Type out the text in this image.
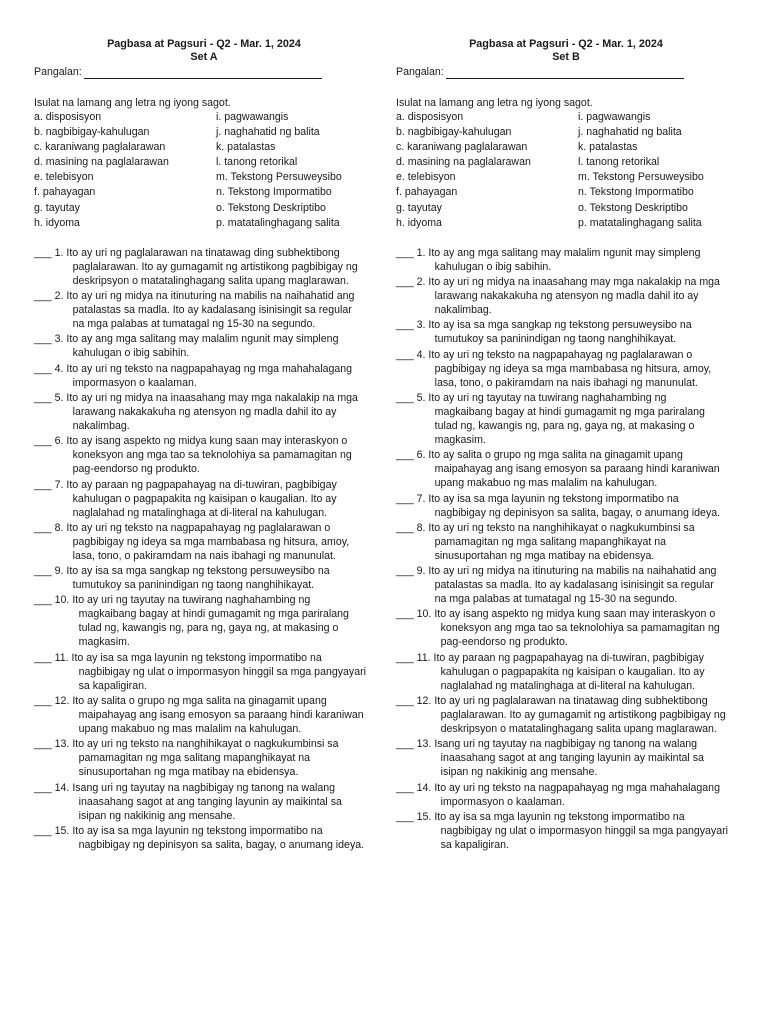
Pagbasa at Pagsuri - Q2 - Mar. 1, 2024
Set A
Pangalan:
Isulat na lamang ang letra ng iyong sagot.
a. disposisyon	i. pagwawangis
b. nagbibigay-kahulugan	j. naghahatid ng balita
c. karaniwang paglalarawan	k. patalastas
d. masining na paglalarawan	l. tanong retorikal
e. telebisyon	m. Tekstong Persuweysibo
f. pahayagan	n. Tekstong Impormatibo
g. tayutay	o. Tekstong Deskriptibo
h. idyoma	p. matatalinghagang salita
___ 1. Ito ay uri ng paglalarawan na tinatawag ding subhektibong
paglalarawan. Ito ay gumagamit ng artistikong pagbibigay ng
deskripsyon o matatalinghagang salita upang maglarawan.
___ 2. Ito ay uri ng midya na itinuturing na mabilis na naihahatid ang
patalastas sa madla. Ito ay kadalasang isinisingit sa regular
na mga palabas at tumatagal ng 15-30 na segundo.
___ 3. Ito ay ang mga salitang may malalim ngunit may simpleng
kahulugan o ibig sabihin.
___ 4. Ito ay uri ng teksto na nagpapahayag ng mga mahahalagang
impormasyon o kaalaman.
___ 5. Ito ay uri ng midya na inaasahang may mga nakalakip na mga
larawang nakakakuha ng atensyon ng madla dahil ito ay
nakalimbag.
___ 6. Ito ay isang aspekto ng midya kung saan may interaskyon o
koneksyon ang mga tao sa teknolohiya sa pamamagitan ng
pag-eendorso ng produkto.
___ 7. Ito ay paraan ng pagpapahayag na di-tuwiran, pagbibigay
kahulugan o pagpapakita ng kaisipan o kaugalian. Ito ay
naglalahad ng matalinghaga at di-literal na kahulugan.
___ 8. Ito ay uri ng teksto na nagpapahayag ng paglalarawan o
pagbibigay ng ideya sa mga mambabasa ng hitsura, amoy,
lasa, tono, o pakiramdam na nais ibahagi ng manunulat.
___ 9. Ito ay isa sa mga sangkap ng tekstong persuweysibo na
tumutukoy sa paninindigan ng taong nanghihikayat.
___ 10. Ito ay uri ng tayutay na tuwirang naghahambing ng
magkaibang bagay at hindi gumagamit ng mga pariralang
tulad ng, kawangis ng, para ng, gaya ng, at makasing o
magkasim.
___ 11. Ito ay isa sa mga layunin ng tekstong impormatibo na
nagbibigay ng ulat o impormasyon hinggil sa mga pangyayari
sa kapaligiran.
___ 12. Ito ay salita o grupo ng mga salita na ginagamit upang
maipahayag ang isang emosyon sa paraang hindi karaniwan
upang makabuo ng mas malalim na kahulugan.
___ 13. Ito ay uri ng teksto na nanghihikayat o nagkukumbinsi sa
pamamagitan ng mga salitang mapanghikayat na
sinusuportahan ng mga matibay na ebidensya.
___ 14. Isang uri ng tayutay na nagbibigay ng tanong na walang
inaasahang sagot at ang tanging layunin ay maikintal sa
isipan ng nakikinig ang mensahe.
___ 15. Ito ay isa sa mga layunin ng tekstong impormatibo na
nagbibigay ng depinisyon sa salita, bagay, o anumang ideya.
Pagbasa at Pagsuri - Q2 - Mar. 1, 2024
Set B
Pangalan:
Isulat na lamang ang letra ng iyong sagot.
a. disposisyon	i. pagwawangis
b. nagbibigay-kahulugan	j. naghahatid ng balita
c. karaniwang paglalarawan	k. patalastas
d. masining na paglalarawan	l. tanong retorikal
e. telebisyon	m. Tekstong Persuweysibo
f. pahayagan	n. Tekstong Impormatibo
g. tayutay	o. Tekstong Deskriptibo
h. idyoma	p. matatalinghagang salita
___ 1. Ito ay ang mga salitang may malalim ngunit may simpleng
kahulugan o ibig sabihin.
___ 2. Ito ay uri ng midya na inaasahang may mga nakalakip na mga
larawang nakakakuha ng atensyon ng madla dahil ito ay
nakalimbag.
___ 3. Ito ay isa sa mga sangkap ng tekstong persuweysibo na
tumutukoy sa paninindigan ng taong nanghihikayat.
___ 4. Ito ay uri ng teksto na nagpapahayag ng paglalarawan o
pagbibigay ng ideya sa mga mambabasa ng hitsura, amoy,
lasa, tono, o pakiramdam na nais ibahagi ng manunulat.
___ 5. Ito ay uri ng tayutay na tuwirang naghahambing ng
magkaibang bagay at hindi gumagamit ng mga pariralang
tulad ng, kawangis ng, para ng, gaya ng, at makasing o
magkasim.
___ 6. Ito ay salita o grupo ng mga salita na ginagamit upang
maipahayag ang isang emosyon sa paraang hindi karaniwan
upang makabuo ng mas malalim na kahulugan.
___ 7. Ito ay isa sa mga layunin ng tekstong impormatibo na
nagbibigay ng depinisyon sa salita, bagay, o anumang ideya.
___ 8. Ito ay uri ng teksto na nanghihikayat o nagkukumbinsi sa
pamamagitan ng mga salitang mapanghikayat na
sinusuportahan ng mga matibay na ebidensya.
___ 9. Ito ay uri ng midya na itinuturing na mabilis na naihahatid ang
patalastas sa madla. Ito ay kadalasang isinisingit sa regular
na mga palabas at tumatagal ng 15-30 na segundo.
___ 10. Ito ay isang aspekto ng midya kung saan may interaskyon o
koneksyon ang mga tao sa teknolohiya sa pamamagitan ng
pag-eendorso ng produkto.
___ 11. Ito ay paraan ng pagpapahayag na di-tuwiran, pagbibigay
kahulugan o pagpapakita ng kaisipan o kaugalian. Ito ay
naglalahad ng matalinghaga at di-literal na kahulugan.
___ 12. Ito ay uri ng paglalarawan na tinatawag ding subhektibong
paglalarawan. Ito ay gumagamit ng artistikong pagbibigay ng
deskripsyon o matatalinghagang salita upang maglarawan.
___ 13. Isang uri ng tayutay na nagbibigay ng tanong na walang
inaasahang sagot at ang tanging layunin ay maikintal sa
isipan ng nakikinig ang mensahe.
___ 14. Ito ay uri ng teksto na nagpapahayag ng mga mahahalagang
impormasyon o kaalaman.
___ 15. Ito ay isa sa mga layunin ng tekstong impormatibo na
nagbibigay ng ulat o impormasyon hinggil sa mga pangyayari
sa kapaligiran.
